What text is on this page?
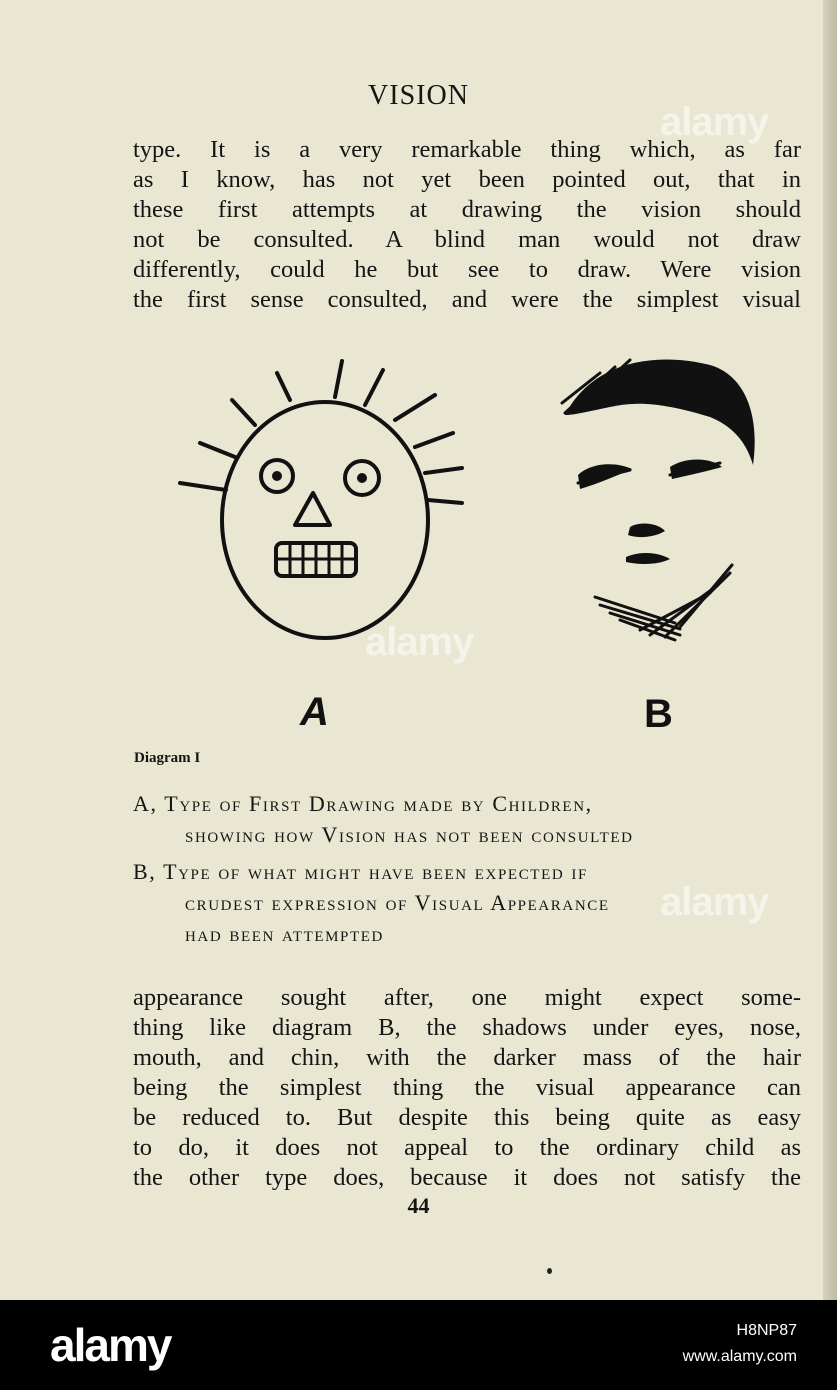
VISION

type. It is a very remarkable thing which, as far
as I know, has not yet been pointed out, that in
these first attempts at drawing the vision should
not be consulted. A blind man would not draw
differently, could he but see to draw. Were vision
the first sense consulted, and were the simplest visual

A	B
Diagram I

A, Type of First Drawing made by Children,
showing how Vision has not been consulted

B, Type of what might have been expected if
crudest expression of Visual Appearance
had been attempted

appearance sought after, one might expect some-
thing like diagram B, the shadows under eyes, nose,
mouth, and chin, with the darker mass of the hair
being the simplest thing the visual appearance can
be reduced to. But despite this being quite as easy
to do, it does not appeal to the ordinary child as
the other type does, because it does not satisfy the

44
alamy
alamy
alamy
alamy	H8NP87
www.alamy.com
